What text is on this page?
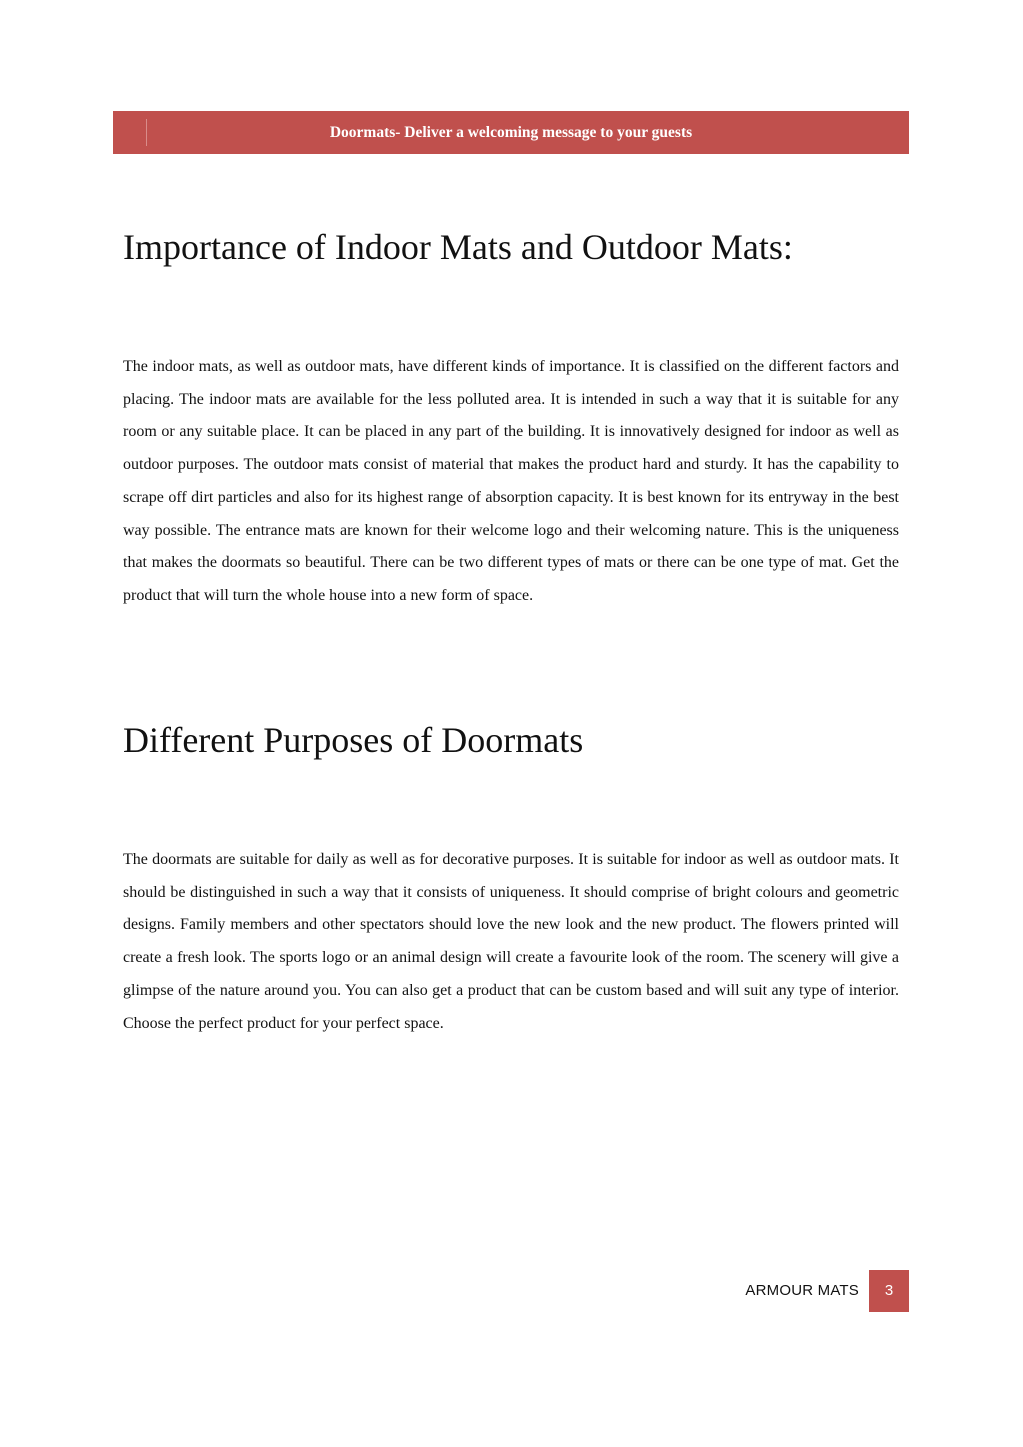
Doormats- Deliver a welcoming message to your guests
Importance of Indoor Mats and Outdoor Mats:

The indoor mats, as well as outdoor mats, have different kinds of importance. It is classified on the different factors and placing. The indoor mats are available for the less polluted area. It is intended in such a way that it is suitable for any room or any suitable place. It can be placed in any part of the building. It is innovatively designed for indoor as well as outdoor purposes. The outdoor mats consist of material that makes the product hard and sturdy. It has the capability to scrape off dirt particles and also for its highest range of absorption capacity. It is best known for its entryway in the best way possible. The entrance mats are known for their welcome logo and their welcoming nature. This is the uniqueness that makes the doormats so beautiful. There can be two different types of mats or there can be one type of mat. Get the product that will turn the whole house into a new form of space.

Different Purposes of Doormats

The doormats are suitable for daily as well as for decorative purposes. It is suitable for indoor as well as outdoor mats. It should be distinguished in such a way that it consists of uniqueness. It should comprise of bright colours and geometric designs. Family members and other spectators should love the new look and the new product. The flowers printed will create a fresh look. The sports logo or an animal design will create a favourite look of the room. The scenery will give a glimpse of the nature around you. You can also get a product that can be custom based and will suit any type of interior. Choose the perfect product for your perfect space.

ARMOUR MATS	3
